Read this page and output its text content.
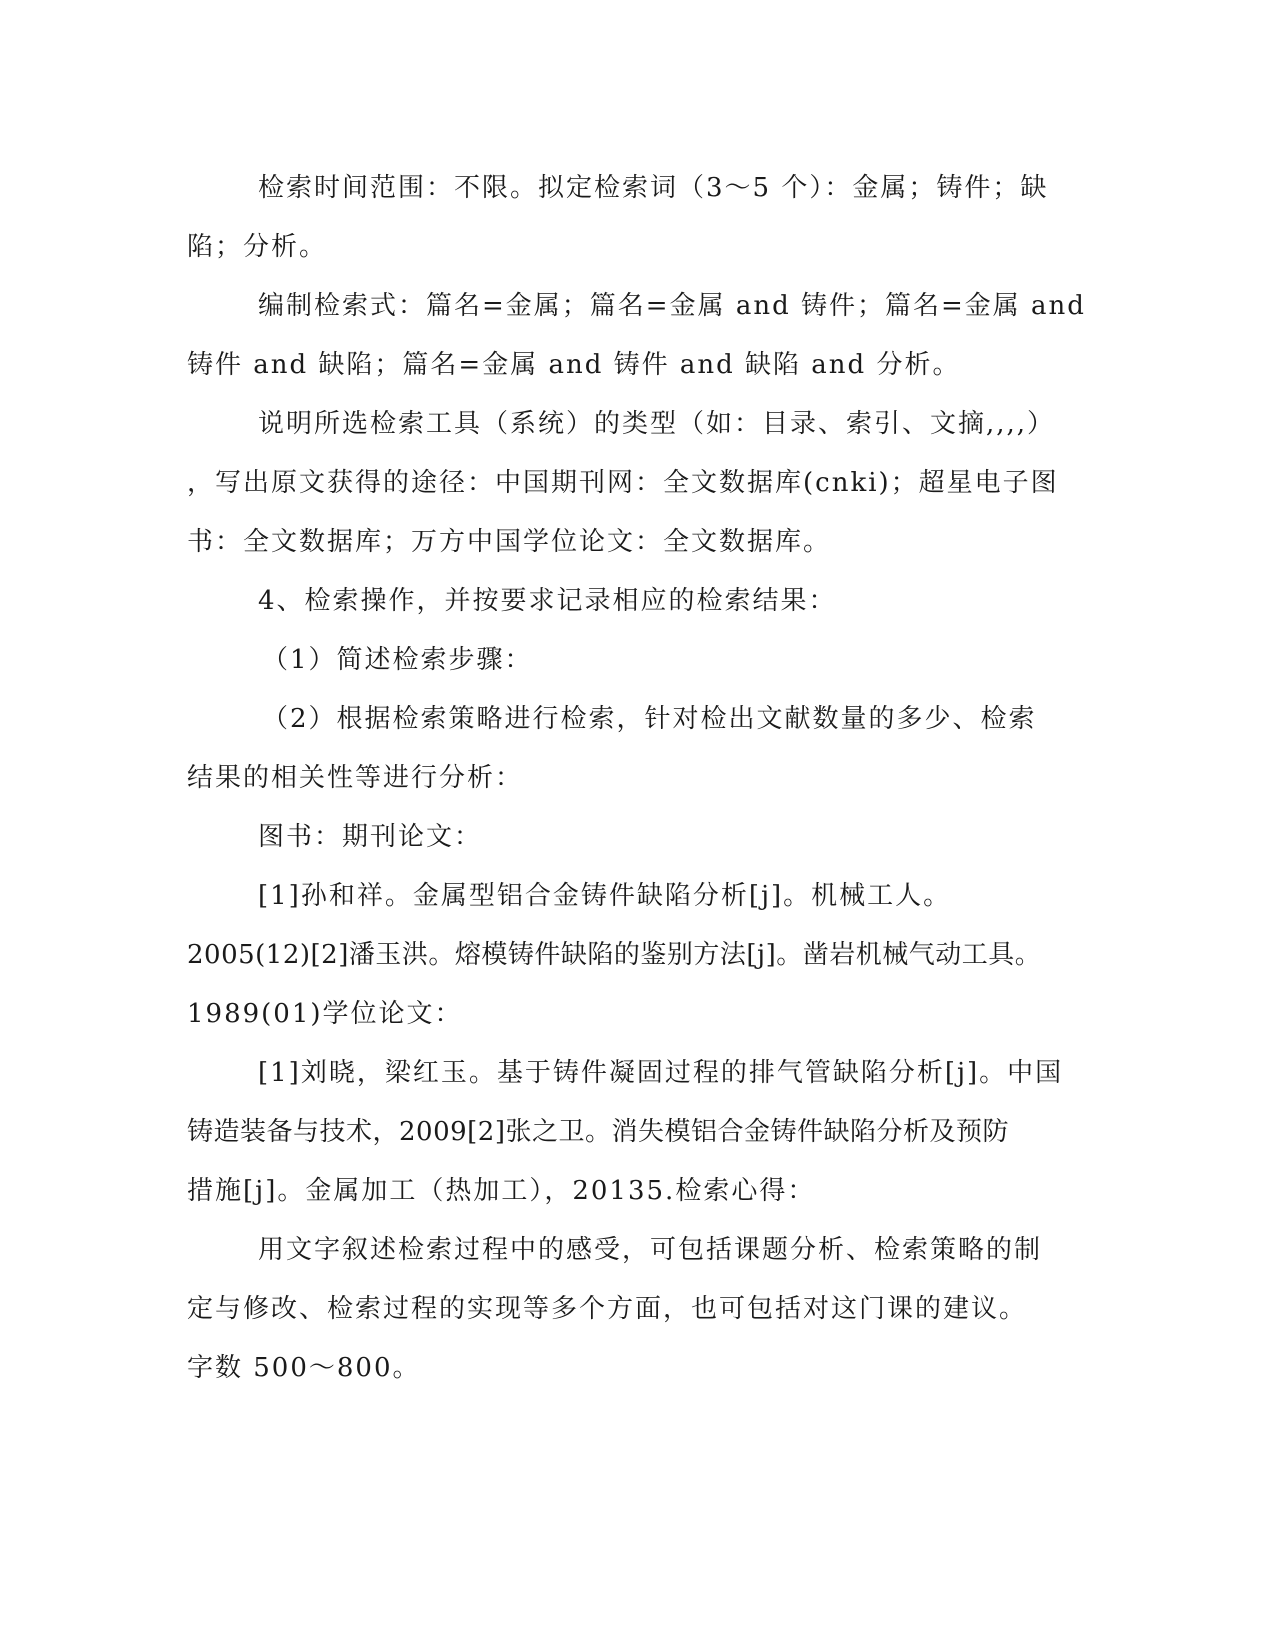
检索时间范围：不限。拟定检索词（3～5 个）：金属；铸件；缺
陷；分析。
编制检索式：篇名=金属；篇名=金属 and 铸件；篇名=金属 and
铸件 and 缺陷；篇名=金属 and 铸件 and 缺陷 and 分析。
说明所选检索工具（系统）的类型（如：目录、索引、文摘,,,,）
，写出原文获得的途径：中国期刊网：全文数据库(cnki)；超星电子图
书：全文数据库；万方中国学位论文：全文数据库。
4、检索操作，并按要求记录相应的检索结果：
（1）简述检索步骤：
（2）根据检索策略进行检索，针对检出文献数量的多少、检索
结果的相关性等进行分析：
图书：期刊论文：
[1]孙和祥。金属型铝合金铸件缺陷分析[j]。机械工人。
2005(12)[2]潘玉洪。熔模铸件缺陷的鉴别方法[j]。凿岩机械气动工具。
1989(01)学位论文：
[1]刘晓，梁红玉。基于铸件凝固过程的排气管缺陷分析[j]。中国
铸造装备与技术，2009[2]张之卫。消失模铝合金铸件缺陷分析及预防
措施[j]。金属加工（热加工），20135.检索心得：
用文字叙述检索过程中的感受，可包括课题分析、检索策略的制
定与修改、检索过程的实现等多个方面，也可包括对这门课的建议。
字数 500～800。
